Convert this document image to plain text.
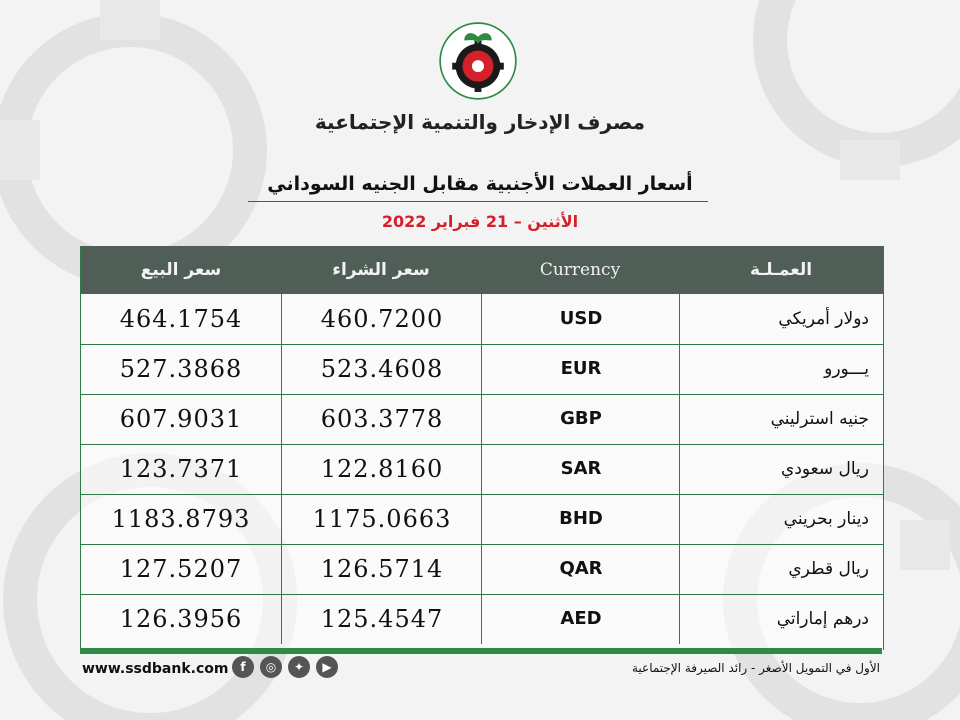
مصرف الإدخار والتنمية الإجتماعية
أسعار العملات الأجنبية مقابل الجنيه السوداني
الأثنين – 21 فبراير 2022
سعر البيع	سعر الشراء	Currency	العمـلـة
464.1754	460.7200	USD	دولار أمريكي
527.3868	523.4608	EUR	يـــورو
607.9031	603.3778	GBP	جنيه استرليني
123.7371	122.8160	SAR	ريال سعودي
1183.8793	1175.0663	BHD	دينار بحريني
127.5207	126.5714	QAR	ريال قطري
126.3956	125.4547	AED	درهم إماراتي
www.ssdbank.com f	◎	✦	▶	الأول في التمويل الأصغر - رائد الصيرفة الإجتماعية
